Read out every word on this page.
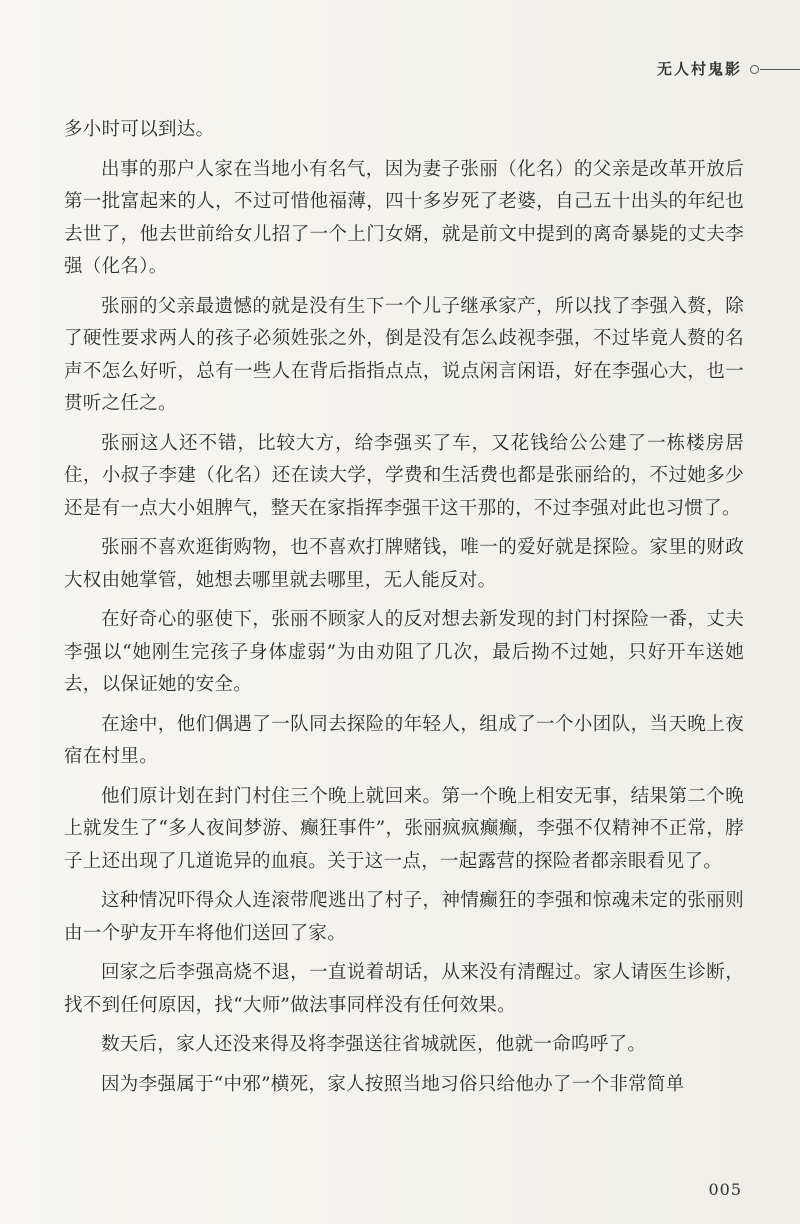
无人村鬼影

多小时可以到达。

出事的那户人家在当地小有名气，因为妻子张丽（化名）的父亲是改革开放后第一批富起来的人，不过可惜他福薄，四十多岁死了老婆，自己五十出头的年纪也去世了，他去世前给女儿招了一个上门女婿，就是前文中提到的离奇暴毙的丈夫李强（化名）。

张丽的父亲最遗憾的就是没有生下一个儿子继承家产，所以找了李强入赘，除了硬性要求两人的孩子必须姓张之外，倒是没有怎么歧视李强，不过毕竟人赘的名声不怎么好听，总有一些人在背后指指点点，说点闲言闲语，好在李强心大，也一贯听之任之。

张丽这人还不错，比较大方，给李强买了车，又花钱给公公建了一栋楼房居住，小叔子李建（化名）还在读大学，学费和生活费也都是张丽给的，不过她多少还是有一点大小姐脾气，整天在家指挥李强干这干那的，不过李强对此也习惯了。

张丽不喜欢逛街购物，也不喜欢打牌赌钱，唯一的爱好就是探险。家里的财政大权由她掌管，她想去哪里就去哪里，无人能反对。

在好奇心的驱使下，张丽不顾家人的反对想去新发现的封门村探险一番，丈夫李强以“她刚生完孩子身体虚弱”为由劝阻了几次，最后拗不过她，只好开车送她去，以保证她的安全。

在途中，他们偶遇了一队同去探险的年轻人，组成了一个小团队，当天晚上夜宿在村里。

他们原计划在封门村住三个晚上就回来。第一个晚上相安无事，结果第二个晚上就发生了“多人夜间梦游、癫狂事件”，张丽疯疯癫癫，李强不仅精神不正常，脖子上还出现了几道诡异的血痕。关于这一点，一起露营的探险者都亲眼看见了。

这种情况吓得众人连滚带爬逃出了村子，神情癫狂的李强和惊魂未定的张丽则由一个驴友开车将他们送回了家。

回家之后李强高烧不退，一直说着胡话，从来没有清醒过。家人请医生诊断，找不到任何原因，找“大师”做法事同样没有任何效果。

数天后，家人还没来得及将李强送往省城就医，他就一命呜呼了。

因为李强属于“中邪”横死，家人按照当地习俗只给他办了一个非常简单

005
